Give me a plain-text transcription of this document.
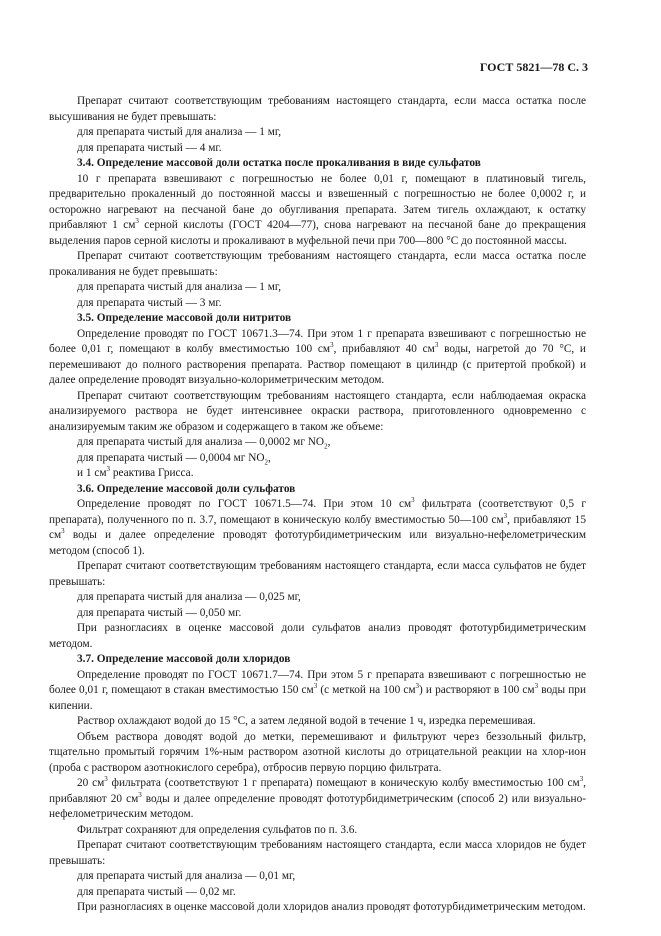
ГОСТ 5821—78 С. 3

Препарат считают соответствующим требованиям настоящего стандарта, если масса остатка после высушивания не будет превышать:

для препарата чистый для анализа — 1 мг,

для препарата чистый — 4 мг.

3.4. Определение массовой доли остатка после прокаливания в виде сульфатов

10 г препарата взвешивают с погрешностью не более 0,01 г, помещают в платиновый тигель, предварительно прокаленный до постоянной массы и взвешенный с погрешностью не более 0,0002 г, и осторожно нагревают на песчаной бане до обугливания препарата. Затем тигель охлаждают, к остатку прибавляют 1 $см^3$ серной кислоты (ГОСТ 4204—77), снова нагревают на песчаной бане до прекращения выделения паров серной кислоты и прокаливают в муфельной печи при 700—800 °С до постоянной массы.

Препарат считают соответствующим требованиям настоящего стандарта, если масса остатка после прокаливания не будет превышать:

для препарата чистый для анализа — 1 мг,

для препарата чистый — 3 мг.

3.5. Определение массовой доли нитритов

Определение проводят по ГОСТ 10671.3—74. При этом 1 г препарата взвешивают с погрешностью не более 0,01 г, помещают в колбу вместимостью 100 $см^3$, прибавляют 40 $см^3$ воды, нагретой до 70 °С, и перемешивают до полного растворения препарата. Раствор помещают в цилиндр (с притертой пробкой) и далее определение проводят визуально-колориметрическим методом.

Препарат считают соответствующим требованиям настоящего стандарта, если наблюдаемая окраска анализируемого раствора не будет интенсивнее окраски раствора, приготовленного одновременно с анализируемым таким же образом и содержащего в таком же объеме:

для препарата чистый для анализа — 0,0002 мг $NO_2$,

для препарата чистый — 0,0004 мг $NO_2$,

и 1 $см^3$ реактива Грисса.

3.6. Определение массовой доли сульфатов

Определение проводят по ГОСТ 10671.5—74. При этом 10 $см^3$ фильтрата (соответствуют 0,5 г препарата), полученного по п. 3.7, помещают в коническую колбу вместимостью 50—100 $см^3$, прибавляют 15 $см^3$ воды и далее определение проводят фототурбидиметрическим или визуально-нефелометрическим методом (способ 1).

Препарат считают соответствующим требованиям настоящего стандарта, если масса сульфатов не будет превышать:

для препарата чистый для анализа — 0,025 мг,

для препарата чистый — 0,050 мг.

При разногласиях в оценке массовой доли сульфатов анализ проводят фототурбидиметрическим методом.

3.7. Определение массовой доли хлоридов

Определение проводят по ГОСТ 10671.7—74. При этом 5 г препарата взвешивают с погрешностью не более 0,01 г, помещают в стакан вместимостью 150 $см^3$ (с меткой на 100 $см^3$) и растворяют в 100 $см^3$ воды при кипении.

Раствор охлаждают водой до 15 °С, а затем ледяной водой в течение 1 ч, изредка перемешивая.

Объем раствора доводят водой до метки, перемешивают и фильтруют через беззольный фильтр, тщательно промытый горячим 1%-ным раствором азотной кислоты до отрицательной реакции на хлор-ион (проба с раствором азотнокислого серебра), отбросив первую порцию фильтрата.

20 $см^3$ фильтрата (соответствуют 1 г препарата) помещают в коническую колбу вместимостью 100 $см^3$, прибавляют 20 $см^3$ воды и далее определение проводят фототурбидиметрическим (способ 2) или визуально-нефелометрическим методом.

Фильтрат сохраняют для определения сульфатов по п. 3.6.

Препарат считают соответствующим требованиям настоящего стандарта, если масса хлоридов не будет превышать:

для препарата чистый для анализа — 0,01 мг,

для препарата чистый — 0,02 мг.

При разногласиях в оценке массовой доли хлоридов анализ проводят фототурбидиметрическим методом.
